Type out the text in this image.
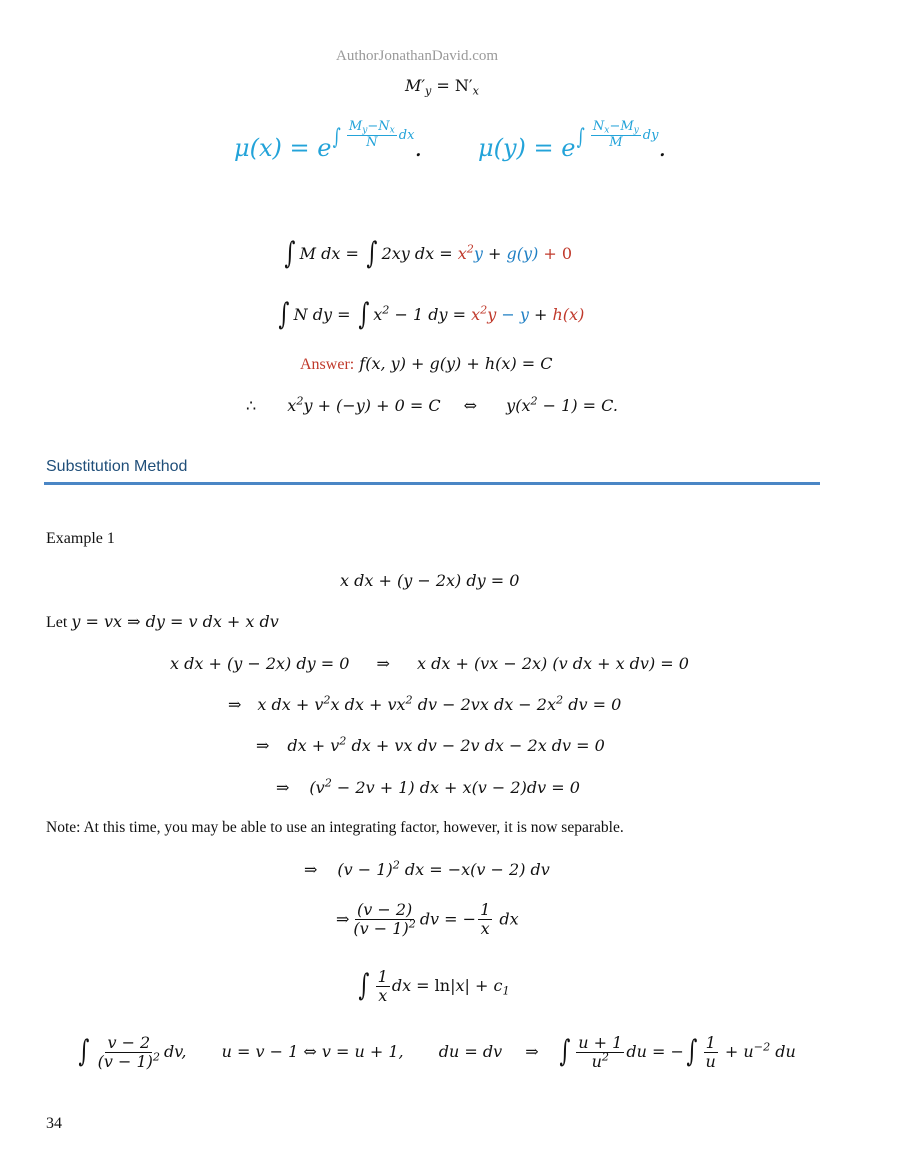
AuthorJonathanDavid.com
$M'_y = N'_x$
μ(x) = e ∫ $\frac{M_y-N_x}{N}$ dx . μ(y) = e ∫ $\frac{N_x-M_y}{M}$ dy .
∫ M dx = ∫ 2xy dx = $x^2y + g(y) + 0$
∫ N dy = ∫ $x^2 - 1$ dy = $x^2y - y + h(x)$
Answer: f(x, y) + g(y) + h(x) = C
∴ $x^2y + (-y) + 0 = C$ ⇔ $y(x^2 - 1) = C$.
Substitution Method
Example 1
x dx + (y − 2x) dy = 0
Let y = vx ⇒ dy = v dx + x dv
x dx + (y − 2x) dy = 0 ⇒ x dx + (vx − 2x) (v dx + x dv) = 0
⇒ x dx + $v^2x$ dx + $vx^2$ dv − 2vx dx − $2x^2$ dv = 0
⇒ dx + $v^2$ dx + vx dv − 2v dx − 2x dv = 0
⇒ $(v^2 - 2v + 1)$ dx + x(v − 2)dv = 0
Note: At this time, you may be able to use an integrating factor, however, it is now separable.
⇒ $(v - 1)^2$ dx = −x(v − 2) dv
⇒ $\frac{(v - 2)}{(v - 1)^2}$ dv = − $\frac{1}{x}$ dx
∫ $\frac{1}{x}$ dx = $\ln|x| + c_1$
∫ $\frac{v - 2}{(v - 1)^2}$ dv, u = v − 1 ⇔ v = u + 1, du = dv ⇒ ∫ $\frac{u + 1}{u^2}$ du = −∫ $\frac{1}{u} + u^{-2}$ du
34
